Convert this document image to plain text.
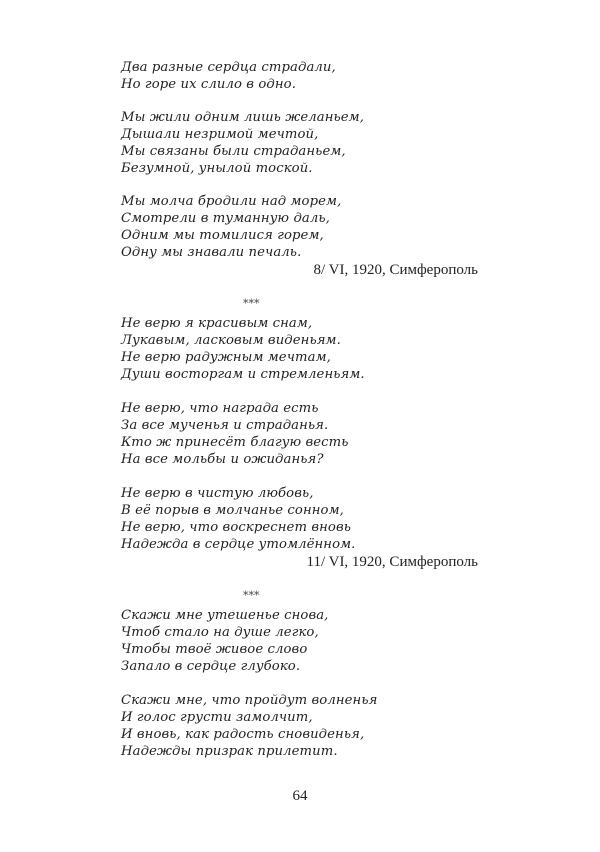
Два разные сердца страдали,
Но горе их слило в одно.
Мы жили одним лишь желаньем,
Дышали незримой мечтой,
Мы связаны были страданьем,
Безумной, унылой тоской.
Мы молча бродили над морем,
Смотрели в туманную даль,
Одним мы томилися горем,
Одну мы знавали печаль.
8/ VI, 1920, Симферополь
***
Не верю я красивым снам,
Лукавым, ласковым виденьям.
Не верю радужным мечтам,
Души восторгам и стремленьям.
Не верю, что награда есть
За все мученья и страданья.
Кто ж принесёт благую весть
На все мольбы и ожиданья?
Не верю в чистую любовь,
В её порыв в молчанье сонном,
Не верю, что воскреснет вновь
Надежда в сердце утомлённом.
11/ VI, 1920, Симферополь
***
Скажи мне утешенье снова,
Чтоб стало на душе легко,
Чтобы твоё живое слово
Запало в сердце глубоко.
Скажи мне, что пройдут волненья
И голос грусти замолчит,
И вновь, как радость сновиденья,
Надежды призрак прилетит.
64
